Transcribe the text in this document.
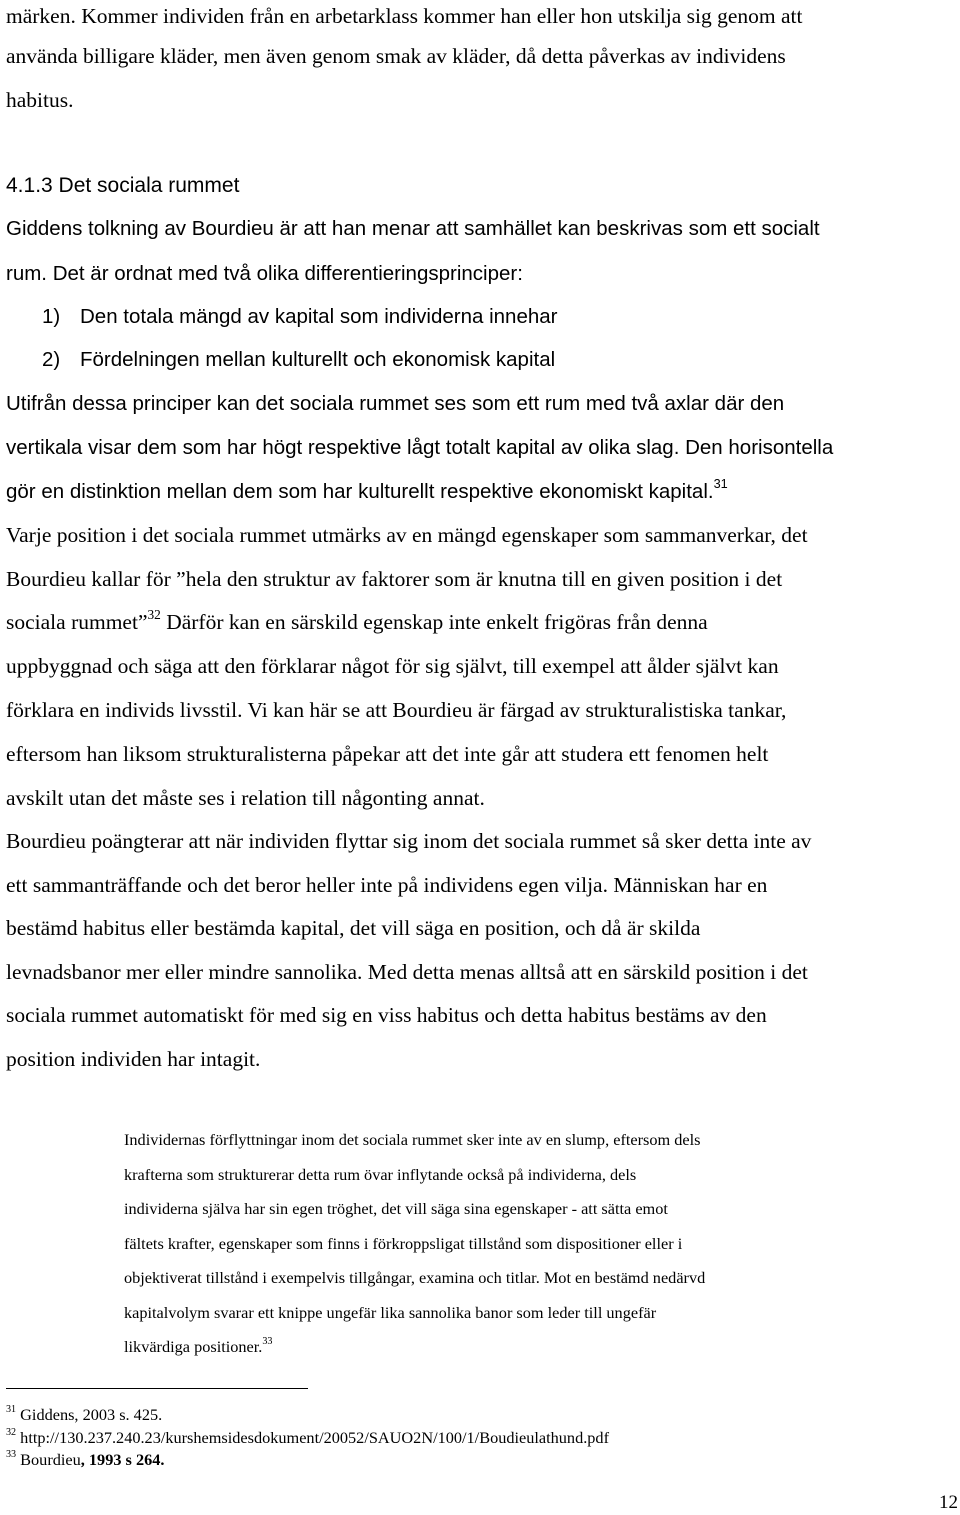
märken. Kommer individen från en arbetarklass kommer han eller hon utskilja sig genom att
använda billigare kläder, men även genom smak av kläder, då detta påverkas av individens
habitus.
4.1.3 Det sociala rummet
Giddens tolkning av Bourdieu är att han menar att samhället kan beskrivas som ett socialt
rum. Det är ordnat med två olika differentieringsprinciper:
1) Den totala mängd av kapital som individerna innehar
2) Fördelningen mellan kulturellt och ekonomisk kapital
Utifrån dessa principer kan det sociala rummet ses som ett rum med två axlar där den
vertikala visar dem som har högt respektive lågt totalt kapital av olika slag. Den horisontella
gör en distinktion mellan dem som har kulturellt respektive ekonomiskt kapital.$^{31}$
Varje position i det sociala rummet utmärks av en mängd egenskaper som sammanverkar, det
Bourdieu kallar för ”hela den struktur av faktorer som är knutna till en given position i det
sociala rummet”$^{32}$ Därför kan en särskild egenskap inte enkelt frigöras från denna
uppbyggnad och säga att den förklarar något för sig självt, till exempel att ålder självt kan
förklara en individs livsstil. Vi kan här se att Bourdieu är färgad av strukturalistiska tankar,
eftersom han liksom strukturalisterna påpekar att det inte går att studera ett fenomen helt
avskilt utan det måste ses i relation till någonting annat.
Bourdieu poängterar att när individen flyttar sig inom det sociala rummet så sker detta inte av
ett sammanträffande och det beror heller inte på individens egen vilja. Människan har en
bestämd habitus eller bestämda kapital, det vill säga en position, och då är skilda
levnadsbanor mer eller mindre sannolika. Med detta menas alltså att en särskild position i det
sociala rummet automatiskt för med sig en viss habitus och detta habitus bestäms av den
position individen har intagit.
Individernas förflyttningar inom det sociala rummet sker inte av en slump, eftersom dels
krafterna som strukturerar detta rum övar inflytande också på individerna, dels
individerna själva har sin egen tröghet, det vill säga sina egenskaper - att sätta emot
fältets krafter, egenskaper som finns i förkroppsligat tillstånd som dispositioner eller i
objektiverat tillstånd i exempelvis tillgångar, examina och titlar. Mot en bestämd nedärvd
kapitalvolym svarar ett knippe ungefär lika sannolika banor som leder till ungefär
likvärdiga positioner.$^{33}$
$^{31}$ Giddens, 2003 s. 425.
$^{32}$ http://130.237.240.23/kurshemsidesdokument/20052/SAUO2N/100/1/Boudieulathund.pdf
$^{33}$ Bourdieu, 1993 s 264.
12
